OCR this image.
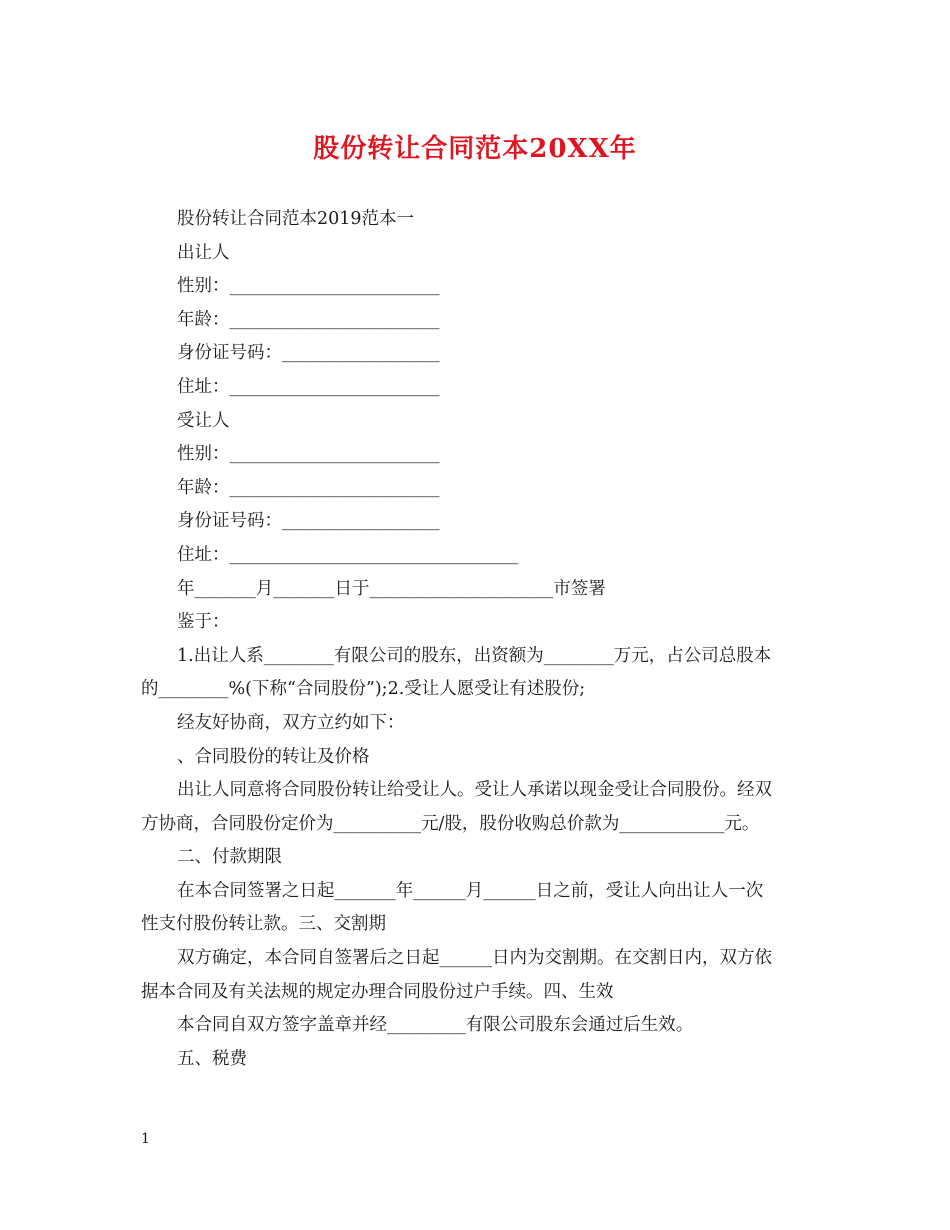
股份转让合同范本20XX年

股份转让合同范本2019范本一

出让人

性别：________________________

年龄：________________________

身份证号码：__________________

住址：________________________

受让人

性别：________________________

年龄：________________________

身份证号码：__________________

住址：_________________________________

年_______月_______日于_____________________市签署

鉴于：

1.出让人系________有限公司的股东，出资额为________万元，占公司总股本

的________%(下称“合同股份”);2.受让人愿受让有述股份;

经友好协商，双方立约如下：

、合同股份的转让及价格

出让人同意将合同股份转让给受让人。受让人承诺以现金受让合同股份。经双

方协商，合同股份定价为__________元/股，股份收购总价款为____________元。

二、付款期限

在本合同签署之日起_______年______月______日之前，受让人向出让人一次

性支付股份转让款。三、交割期

双方确定，本合同自签署后之日起______日内为交割期。在交割日内，双方依

据本合同及有关法规的规定办理合同股份过户手续。四、生效

本合同自双方签字盖章并经_________有限公司股东会通过后生效。

五、税费

1
